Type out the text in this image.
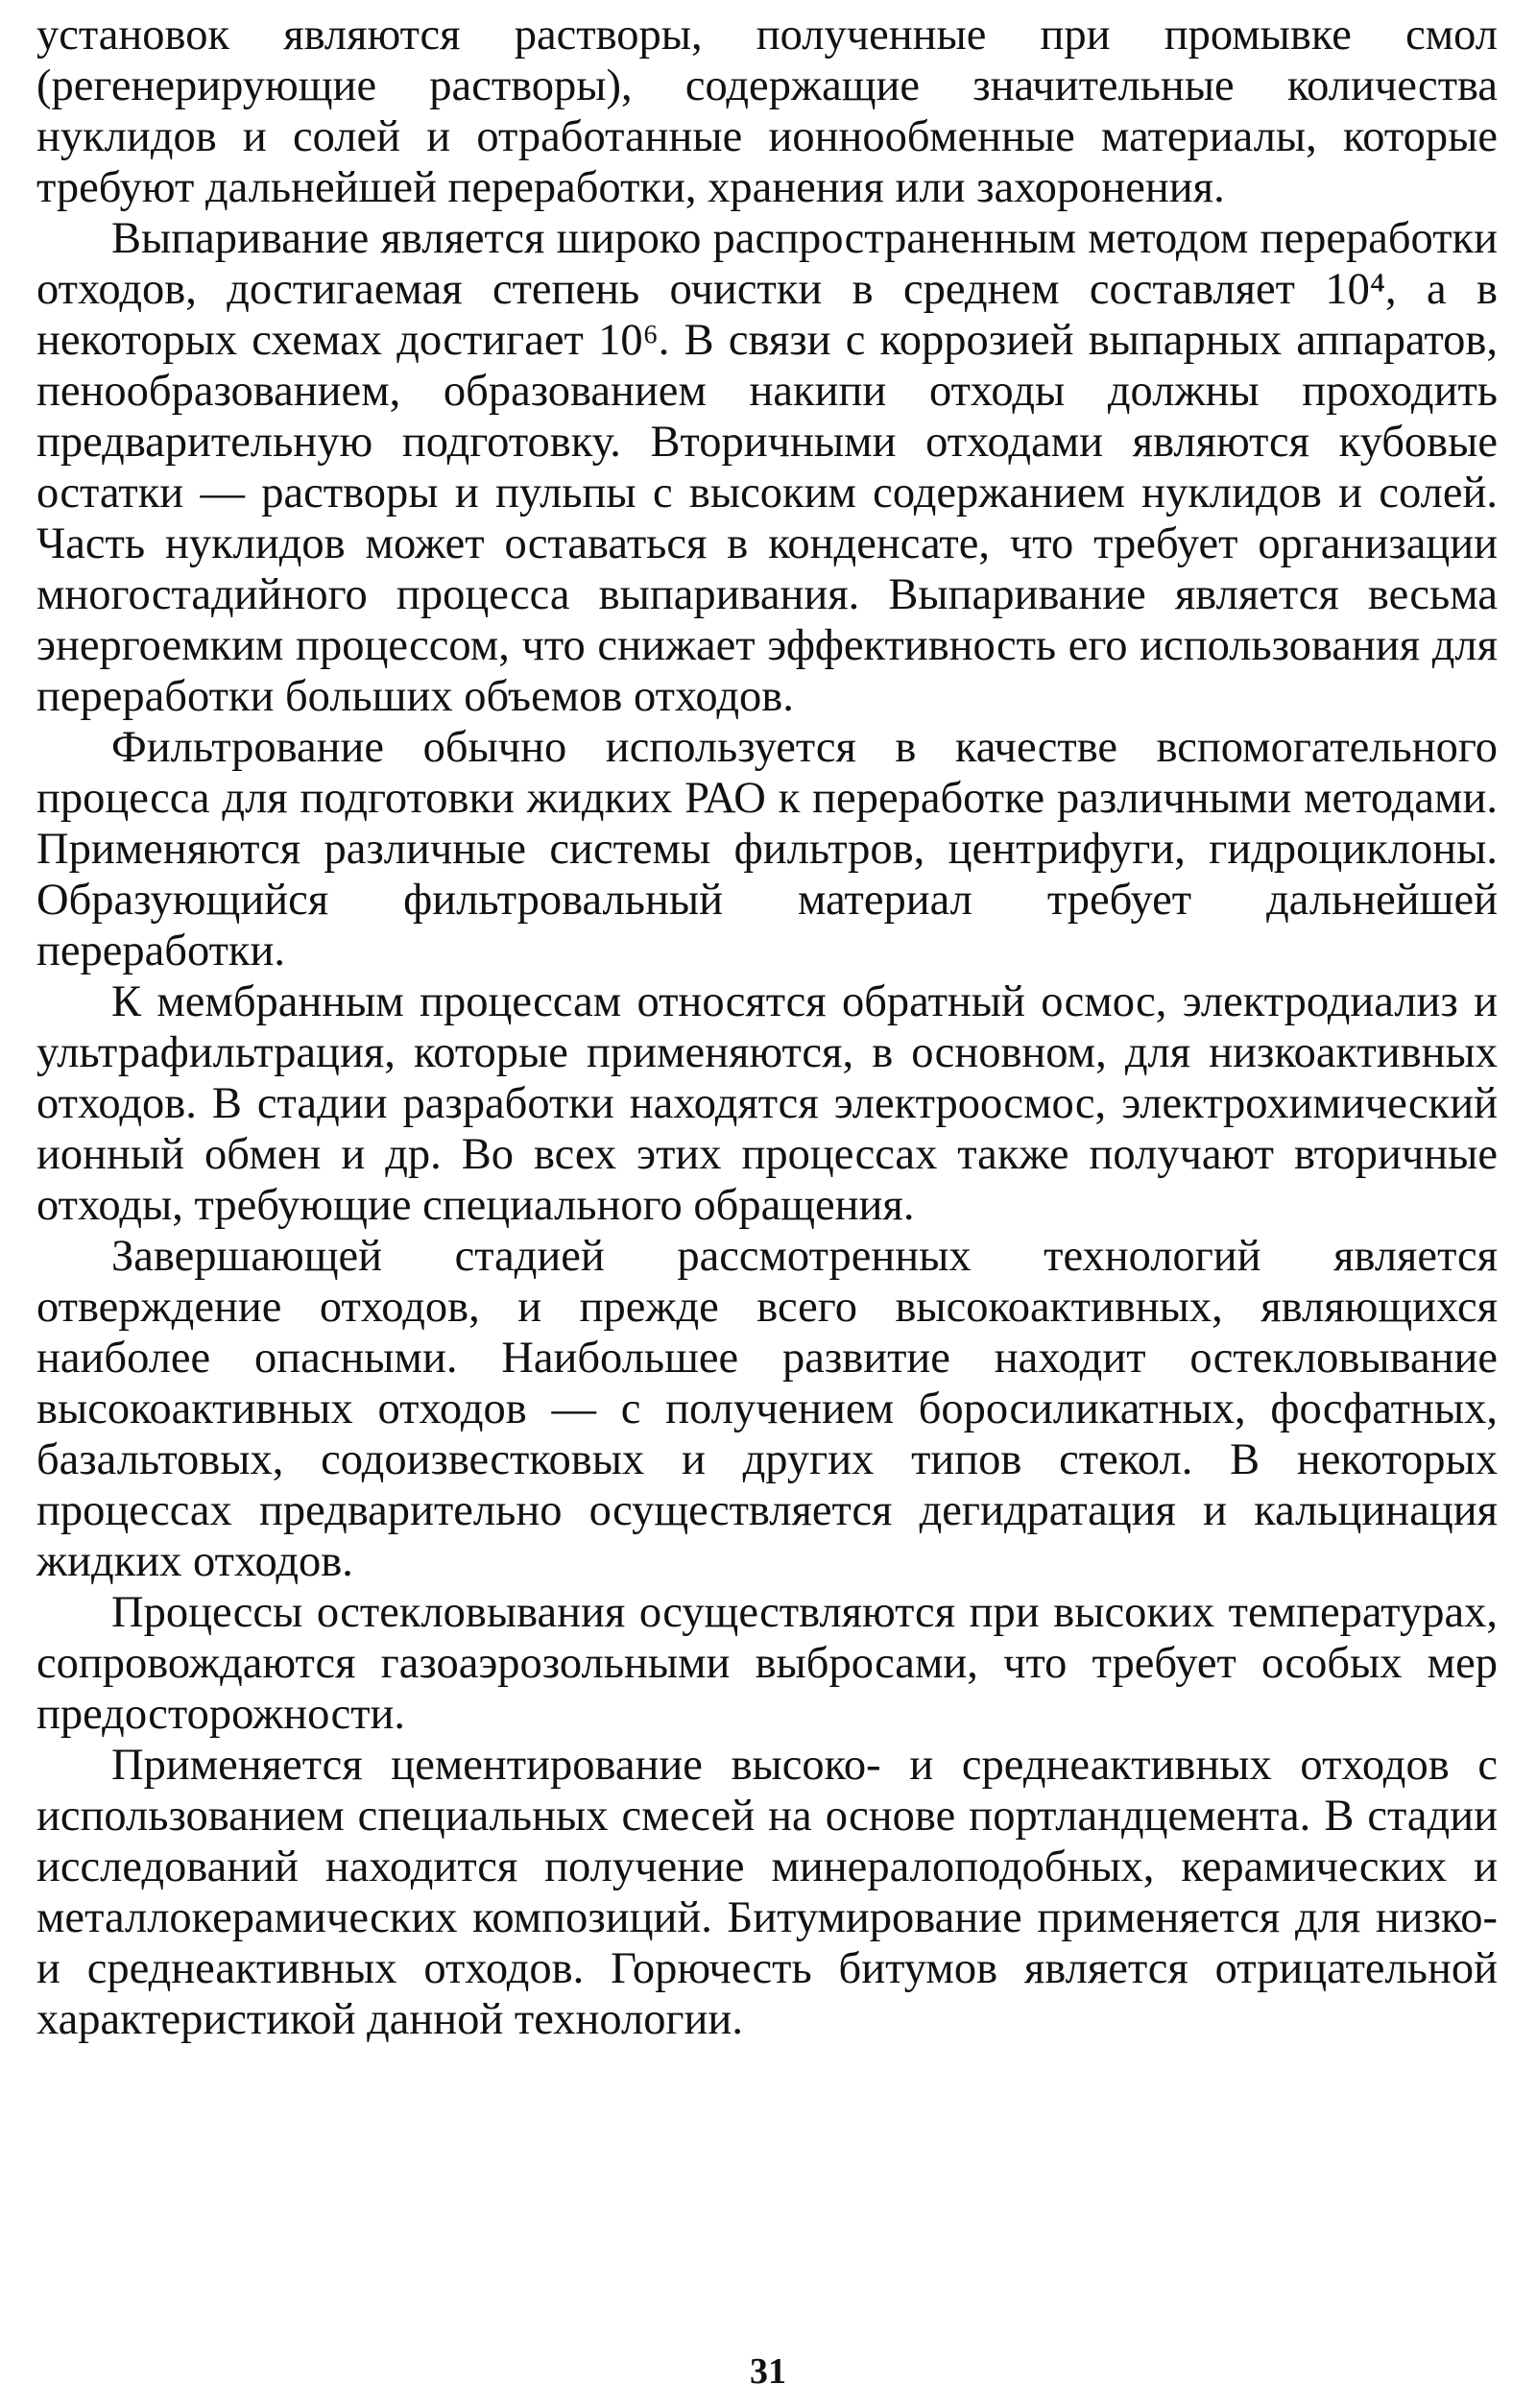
установок являются растворы, полученные при промывке смол (регенерирующие растворы), содержащие значительные количества нуклидов и солей и отработанные ионнообменные материалы, которые требуют дальнейшей переработки, хранения или захоронения.

Выпаривание является широко распространенным методом переработки отходов, достигаемая степень очистки в среднем составляет 10⁴, а в некоторых схемах достигает 10⁶. В связи с коррозией выпарных аппаратов, пенообразованием, образованием накипи отходы должны проходить предварительную подготовку. Вторичными отходами являются кубовые остатки — растворы и пульпы с высоким содержанием нуклидов и солей. Часть нуклидов может оставаться в конденсате, что требует организации многостадийного процесса выпаривания. Выпаривание является весьма энергоемким процессом, что снижает эффективность его использования для переработки больших объемов отходов.

Фильтрование обычно используется в качестве вспомогательного процесса для подготовки жидких РАО к переработке различными методами. Применяются различные системы фильтров, центрифуги, гидроциклоны. Образующийся фильтровальный материал требует дальнейшей переработки.

К мембранным процессам относятся обратный осмос, электродиализ и ультрафильтрация, которые применяются, в основном, для низкоактивных отходов. В стадии разработки находятся электроосмос, электрохимический ионный обмен и др. Во всех этих процессах также получают вторичные отходы, требующие специального обращения.

Завершающей стадией рассмотренных технологий является отверждение отходов, и прежде всего высокоактивных, являющихся наиболее опасными. Наибольшее развитие находит остекловывание высокоактивных отходов — с получением боросиликатных, фосфатных, базальтовых, содоизвестковых и других типов стекол. В некоторых процессах предварительно осуществляется дегидратация и кальцинация жидких отходов.

Процессы остекловывания осуществляются при высоких температурах, сопровождаются газоаэрозольными выбросами, что требует особых мер предосторожности.

Применяется цементирование высоко- и среднеактивных отходов с использованием специальных смесей на основе портландцемента. В стадии исследований находится получение минералоподобных, керамических и металлокерамических композиций. Битумирование применяется для низко- и среднеактивных отходов. Горючесть битумов является отрицательной характеристикой данной технологии.

31
